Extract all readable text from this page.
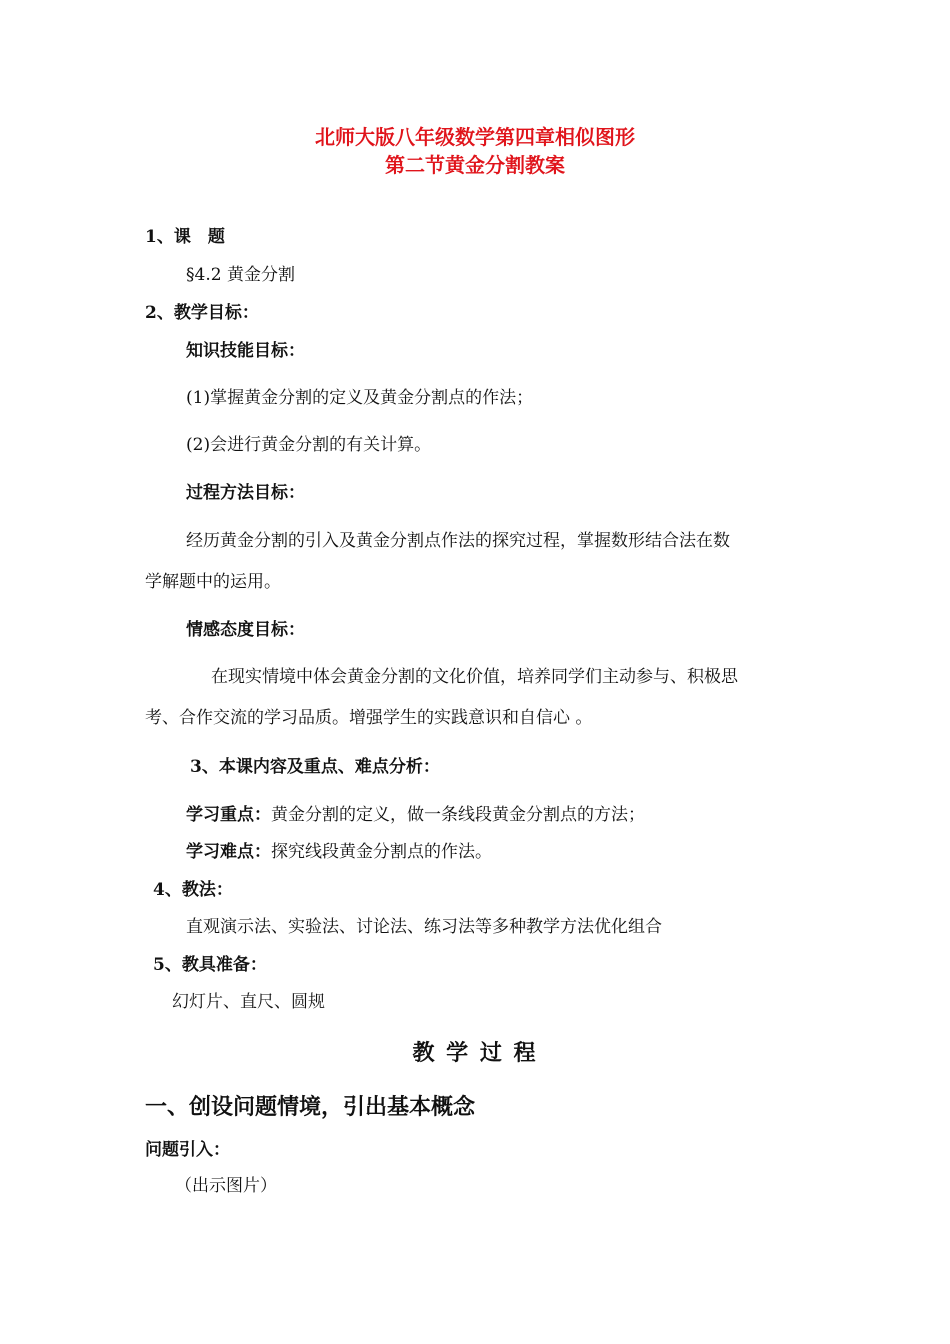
北师大版八年级数学第四章相似图形
第二节黄金分割教案
1、课　题
§4.2 黄金分割
2、教学目标：
知识技能目标：
(1)掌握黄金分割的定义及黄金分割点的作法；
(2)会进行黄金分割的有关计算。
过程方法目标：
经历黄金分割的引入及黄金分割点作法的探究过程，掌握数形结合法在数
学解题中的运用。
情感态度目标：
在现实情境中体会黄金分割的文化价值，培养同学们主动参与、积极思
考、合作交流的学习品质。增强学生的实践意识和自信心 。
3、本课内容及重点、难点分析：
学习重点：黄金分割的定义，做一条线段黄金分割点的方法；
学习难点：探究线段黄金分割点的作法。
4、教法：
直观演示法、实验法、讨论法、练习法等多种教学方法优化组合
5、教具准备：
幻灯片、直尺、圆规
教 学 过 程
一、创设问题情境，引出基本概念
问题引入：
（出示图片）
